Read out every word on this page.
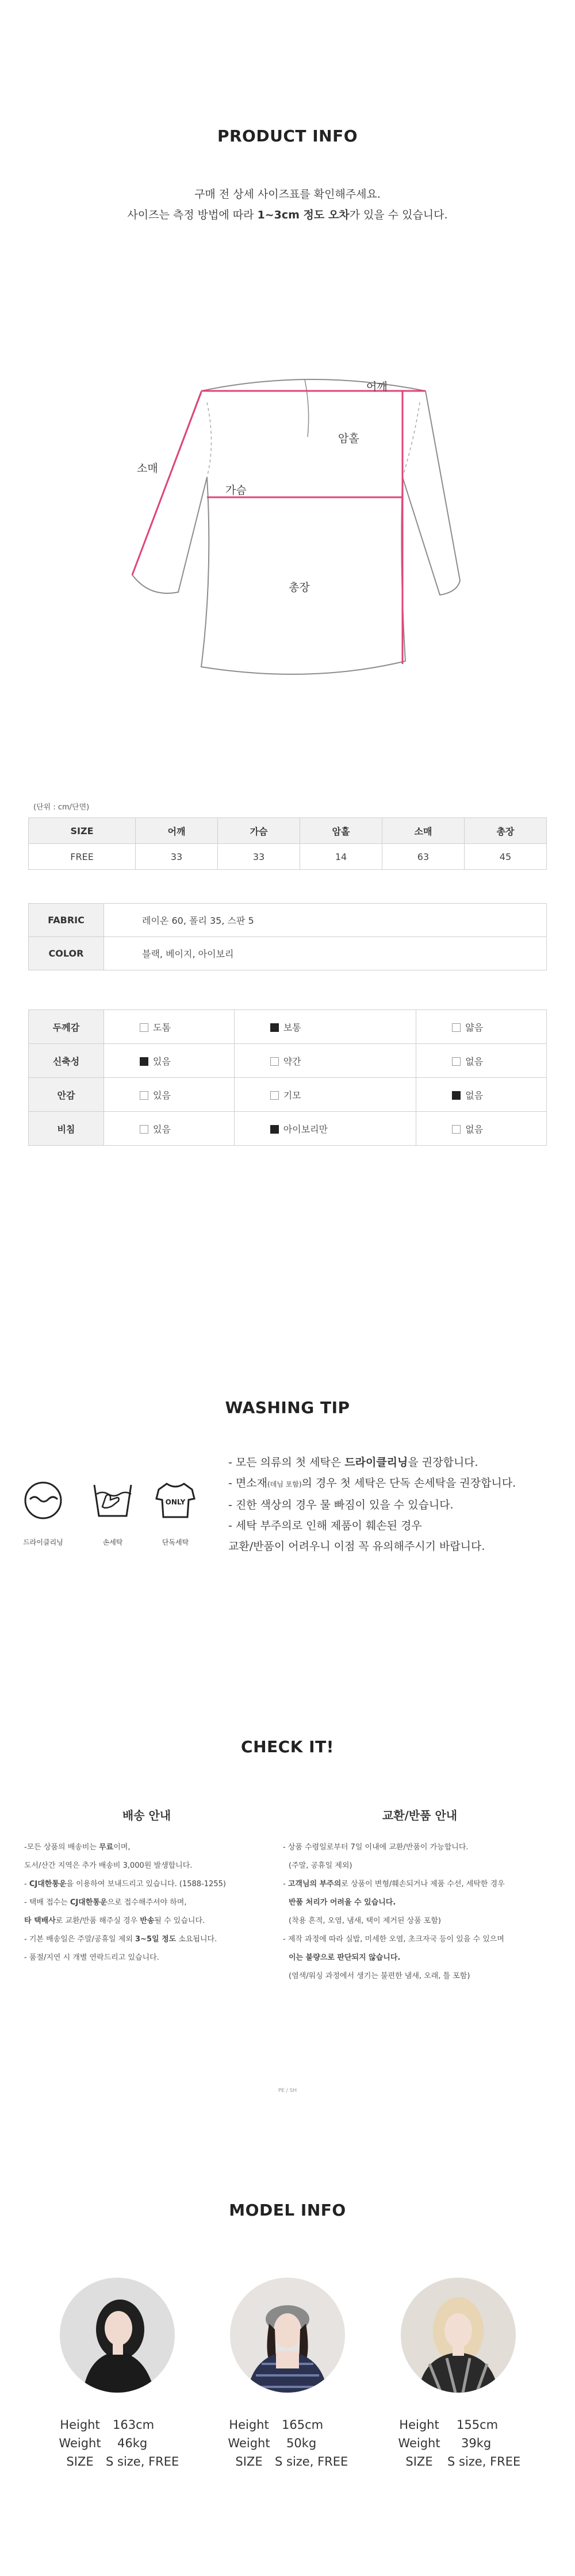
PRODUCT INFO
구매 전 상세 사이즈표를 확인해주세요.
사이즈는 측정 방법에 따라 1~3cm 정도 오차가 있을 수 있습니다.
어깨
암홀
소매
가슴
총장
(단위 : cm/단면)
SIZE	어깨	가슴	암홀	소매	총장
FREE	33	33	14	63	45
FABRIC	레이온 60, 폴리 35, 스판 5
COLOR	블랙, 베이지, 아이보리
두께감	도톰	보통	얇음
신축성	있음	약간	없음
안감	있음	기모	없음
비침	있음	아이보리만	없음
WASHING TIP
드라이클리닝	손세탁
ONLY
단독세탁
- 모든 의류의 첫 세탁은 드라이클리닝을 권장합니다.
- 면소재(데님 포함)의 경우 첫 세탁은 단독 손세탁을 권장합니다.
- 진한 색상의 경우 물 빠짐이 있을 수 있습니다.
- 세탁 부주의로 인해 제품이 훼손된 경우
교환/반품이 어려우니 이점 꼭 유의해주시기 바랍니다.
CHECK IT!
배송 안내	교환/반품 안내
-모든 상품의 배송비는 무료이며,
도서/산간 지역은 추가 배송비 3,000원 발생합니다.
- CJ대한통운을 이용하여 보내드리고 있습니다. (1588-1255)
- 택배 접수는 CJ대한통운으로 접수해주셔야 하며,
타 택배사로 교환/반품 해주실 경우 반송될 수 있습니다.
- 기본 배송일은 주말/공휴일 제외 3~5일 정도 소요됩니다.
- 품절/지연 시 개별 연락드리고 있습니다.
- 상품 수령일로부터 7일 이내에 교환/반품이 가능합니다.
(주말, 공휴일 제외)
- 고객님의 부주의로 상품이 변형/훼손되거나 제품 수선, 세탁한 경우
반품 처리가 어려울 수 있습니다.
(착용 흔적, 오염, 냄새, 택이 제거된 상품 포함)
- 제작 과정에 따라 실밥, 미세한 오염, 초크자국 등이 있을 수 있으며
이는 불량으로 판단되지 않습니다.
(염색/워싱 과정에서 생기는 불편한 냄새, 오래, 틀 포함)
PE / SH
MODEL INFO
Height 163cm
Weight 46kg
SIZE S size, FREE
Height 165cm
Weight 50kg
SIZE S size, FREE
Height 155cm
Weight 39kg
SIZE S size, FREE
